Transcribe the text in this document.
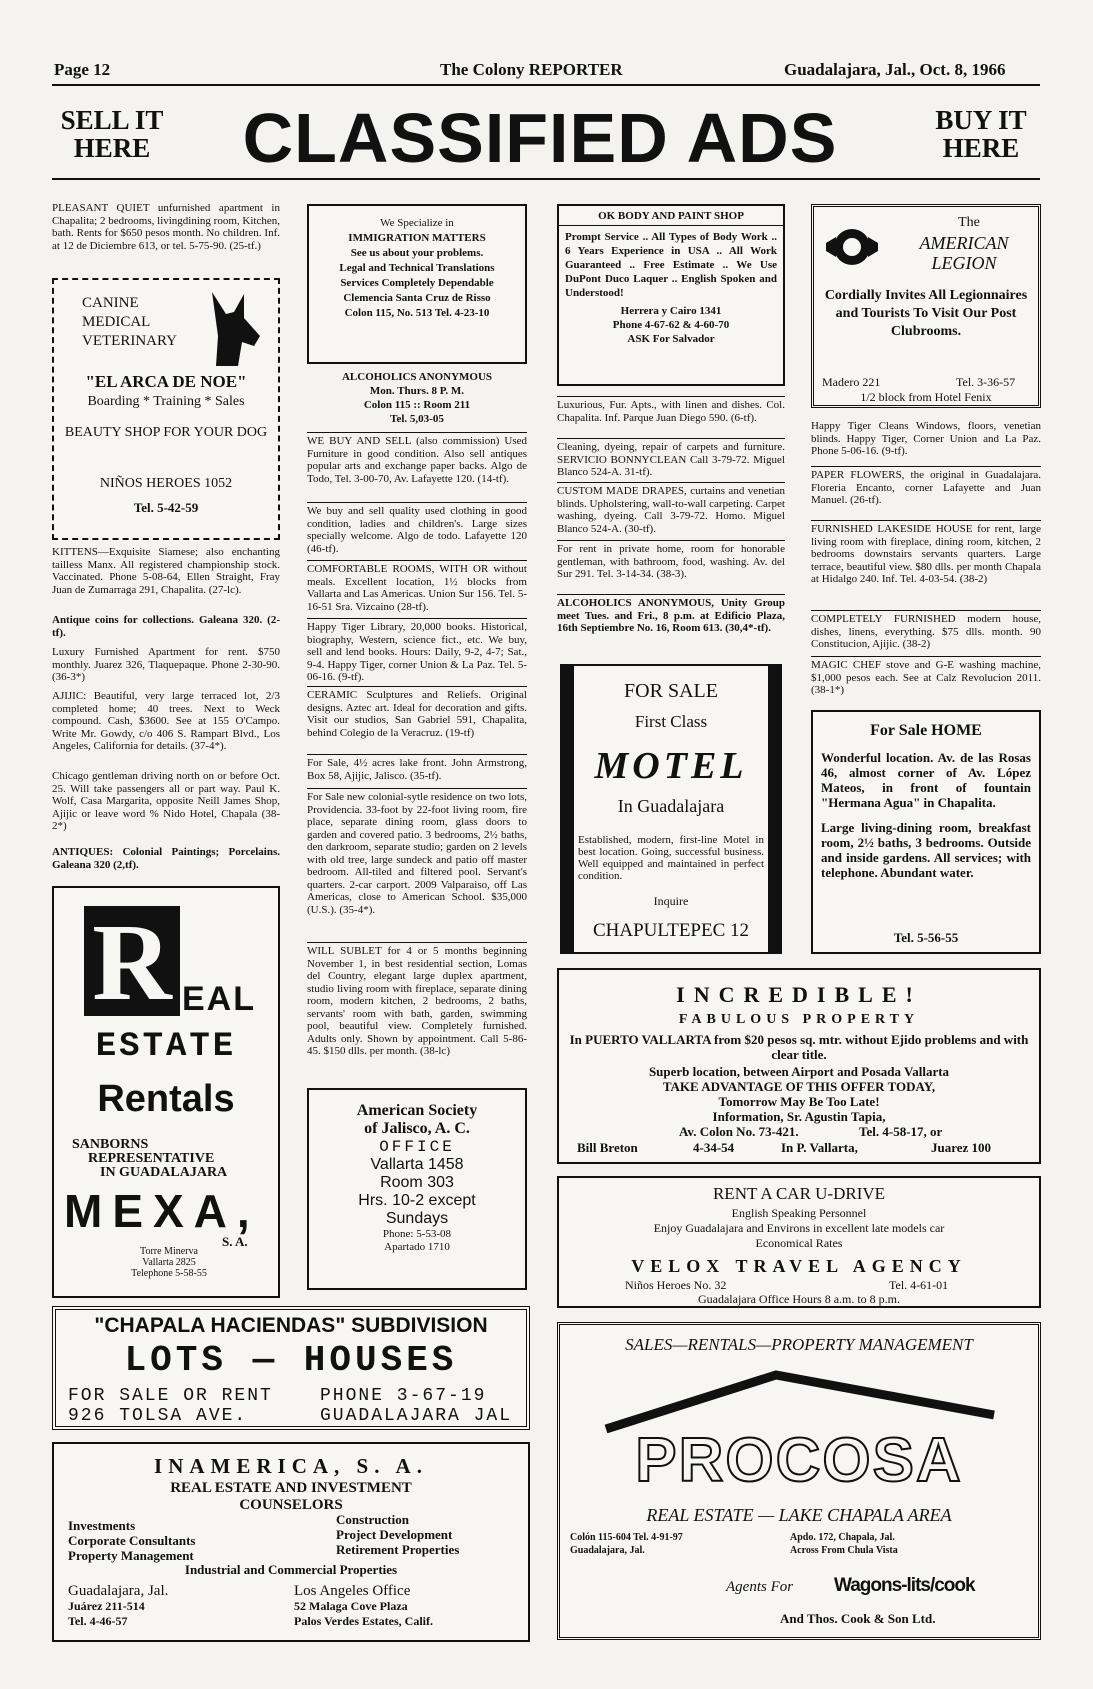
Page 12	The Colony REPORTER	Guadalajara, Jal., Oct. 8, 1966
SELL IT
HERE	CLASSIFIED ADS	BUY IT
HERE
PLEASANT QUIET unfurnished apartment in Chapalita; 2 bedrooms, livingdining room, Kitchen, bath. Rents for $650 pesos month. No children. Inf. at 12 de Diciembre 613, or tel. 5-75-90. (25-tf.)
CANINE
MEDICAL
VETERINARY
"EL ARCA DE NOE"
Boarding * Training * Sales
BEAUTY SHOP FOR YOUR DOG
NIÑOS HEROES 1052
Tel. 5-42-59
KITTENS—Exquisite Siamese; also enchanting tailless Manx. All registered championship stock. Vaccinated. Phone 5-08-64, Ellen Straight, Fray Juan de Zumarraga 291, Chapalita. (27-lc).
Antique coins for collections. Galeana 320. (2-tf).
Luxury Furnished Apartment for rent. $750 monthly. Juarez 326, Tlaquepaque. Phone 2-30-90. (36-3*)
AJIJIC: Beautiful, very large terraced lot, 2/3 completed home; 40 trees. Next to Weck compound. Cash, $3600. See at 155 O'Campo. Write Mr. Gowdy, c/o 406 S. Rampart Blvd., Los Angeles, California for details. (37-4*).
Chicago gentleman driving north on or before Oct. 25. Will take passengers all or part way. Paul K. Wolf, Casa Margarita, opposite Neill James Shop, Ajijic or leave word % Nido Hotel, Chapala (38-2*)
ANTIQUES: Colonial Paintings; Porcelains. Galeana 320 (2,tf).
R EAL
ESTATE
Rentals
SANBORNS
REPRESENTATIVE
IN GUADALAJARA
MEXA,
S. A.
Torre Minerva
Vallarta 2825
Telephone 5-58-55
We Specialize in
IMMIGRATION MATTERS
See us about your problems.
Legal and Technical Translations
Services Completely Dependable
Clemencia Santa Cruz de Risso
Colon 115, No. 513 Tel. 4-23-10
ALCOHOLICS ANONYMOUS
Mon. Thurs. 8 P. M.
Colon 115 :: Room 211
Tel. 5,03-05
WE BUY AND SELL (also commission) Used Furniture in good condition. Also sell antiques popular arts and exchange paper backs. Algo de Todo, Tel. 3-00-70, Av. Lafayette 120. (14-tf).
We buy and sell quality used clothing in good condition, ladies and children's. Large sizes specially welcome. Algo de todo. Lafayette 120 (46-tf).
COMFORTABLE ROOMS, WITH OR without meals. Excellent location, 1½ blocks from Vallarta and Las Americas. Union Sur 156. Tel. 5-16-51 Sra. Vizcaino (28-tf).
Happy Tiger Library, 20,000 books. Historical, biography, Western, science fict., etc. We buy, sell and lend books. Hours: Daily, 9-2, 4-7; Sat., 9-4. Happy Tiger, corner Union & La Paz. Tel. 5-06-16. (9-tf).
CERAMIC Sculptures and Reliefs. Original designs. Aztec art. Ideal for decoration and gifts. Visit our studios, San Gabriel 591, Chapalita, behind Colegio de la Veracruz. (19-tf)
For Sale, 4½ acres lake front. John Armstrong, Box 58, Ajijic, Jalisco. (35-tf).
For Sale new colonial-sytle residence on two lots, Providencia. 33-foot by 22-foot living room, fire place, separate dining room, glass doors to garden and covered patio. 3 bedrooms, 2½ baths, den darkroom, separate studio; garden on 2 levels with old tree, large sundeck and patio off master bedroom. All-tiled and filtered pool. Servant's quarters. 2-car carport. 2009 Valparaiso, off Las Americas, close to American School. $35,000 (U.S.). (35-4*).
WILL SUBLET for 4 or 5 months beginning November 1, in best residential section, Lomas del Country, elegant large duplex apartment, studio living room with fireplace, separate dining room, modern kitchen, 2 bedrooms, 2 baths, servants' room with bath, garden, swimming pool, beautiful view. Completely furnished. Adults only. Shown by appointment. Call 5-86-45. $150 dlls. per month. (38-lc)
American Society
of Jalisco, A. C.
OFFICE
Vallarta 1458
Room 303
Hrs. 10-2 except
Sundays
Phone: 5-53-08
Apartado 1710
OK BODY AND PAINT SHOP
Prompt Service .. All Types of Body Work .. 6 Years Experience in USA .. All Work Guaranteed .. Free Estimate .. We Use DuPont Duco Laquer .. English Spoken and Understood!
Herrera y Cairo 1341
Phone 4-67-62 & 4-60-70
ASK For Salvador
Luxurious, Fur. Apts., with linen and dishes. Col. Chapalita. Inf. Parque Juan Diego 590. (6-tf).
Cleaning, dyeing, repair of carpets and furniture. SERVICIO BONNYCLEAN Call 3-79-72. Miguel Blanco 524-A. 31-tf).
CUSTOM MADE DRAPES, curtains and venetian blinds. Upholstering, wall-to-wall carpeting. Carpet washing, dyeing. Call 3-79-72. Homo. Miguel Blanco 524-A. (30-tf).
For rent in private home, room for honorable gentleman, with bathroom, food, washing. Av. del Sur 291. Tel. 3-14-34. (38-3).
ALCOHOLICS ANONYMOUS, Unity Group meet Tues. and Fri., 8 p.m. at Edificio Plaza, 16th Septiembre No. 16, Room 613. (30,4*-tf).
FOR SALE
First Class
MOTEL
In Guadalajara
Established, modern, first-line Motel in best location. Going, successful business. Well equipped and maintained in perfect condition.
Inquire
CHAPULTEPEC 12
The
AMERICAN
LEGION
Cordially Invites All Legionnaires and Tourists To Visit Our Post Clubrooms.
Madero 221	Tel. 3-36-57
1/2 block from Hotel Fenix
Happy Tiger Cleans Windows, floors, venetian blinds. Happy Tiger, Corner Union and La Paz. Phone 5-06-16. (9-tf).
PAPER FLOWERS, the original in Guadalajara. Floreria Encanto, corner Lafayette and Juan Manuel. (26-tf).
FURNISHED LAKESIDE HOUSE for rent, large living room with fireplace, dining room, kitchen, 2 bedrooms downstairs servants quarters. Large terrace, beautiful view. $80 dlls. per month Chapala at Hidalgo 240. Inf. Tel. 4-03-54. (38-2)
COMPLETELY FURNISHED modern house, dishes, linens, everything. $75 dlls. month. 90 Constitucion, Ajijic. (38-2)
MAGIC CHEF stove and G-E washing machine, $1,000 pesos each. See at Calz Revolucion 2011. (38-1*)
For Sale HOME
Wonderful location. Av. de las Rosas 46, almost corner of Av. López Mateos, in front of fountain "Hermana Agua" in Chapalita.
Large living-dining room, breakfast room, 2½ baths, 3 bedrooms. Outside and inside gardens. All services; with telephone. Abundant water.
Tel. 5-56-55
INCREDIBLE!
FABULOUS PROPERTY
In PUERTO VALLARTA from $20 pesos sq. mtr. without Ejido problems and with clear title.
Superb location, between Airport and Posada Vallarta
TAKE ADVANTAGE OF THIS OFFER TODAY,
Tomorrow May Be Too Late!
Information, Sr. Agustin Tapia,
Av. Colon No. 73-421.	Tel. 4-58-17, or
Bill Breton	4-34-54	In P. Vallarta,	Juarez 100
RENT A CAR U-DRIVE
English Speaking Personnel
Enjoy Guadalajara and Environs in excellent late models car
Economical Rates
VELOX TRAVEL AGENCY
Niños Heroes No. 32	Tel. 4-61-01
Guadalajara Office Hours 8 a.m. to 8 p.m.
"CHAPALA HACIENDAS" SUBDIVISION
LOTS — HOUSES
FOR SALE OR RENT	PHONE 3-67-19
926 TOLSA AVE.	GUADALAJARA JAL
INAMERICA, S. A.
REAL ESTATE AND INVESTMENT
COUNSELORS
Investments
Corporate Consultants
Property Management
Construction
Project Development
Retirement Properties
Industrial and Commercial Properties
Guadalajara, Jal.
Juárez 211-514
Tel. 4-46-57
Los Angeles Office
52 Malaga Cove Plaza
Palos Verdes Estates, Calif.
SALES—RENTALS—PROPERTY MANAGEMENT
PROCOSA
REAL ESTATE — LAKE CHAPALA AREA
Colón 115-604 Tel. 4-91-97
Guadalajara, Jal.
Apdo. 172, Chapala, Jal.
Across From Chula Vista
Agents For Wagons-lits/cook
And Thos. Cook & Son Ltd.
